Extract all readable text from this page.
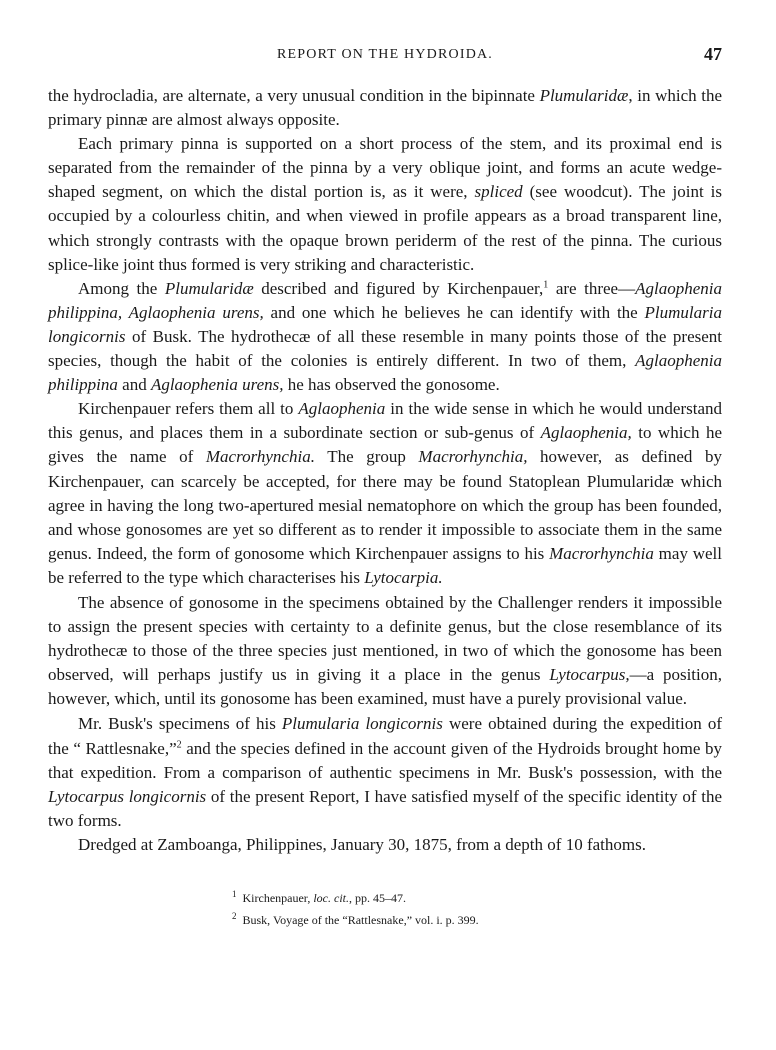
REPORT ON THE HYDROIDA.	47

the hydrocladia, are alternate, a very unusual condition in the bipinnate Plumularidæ, in which the primary pinnæ are almost always opposite.

Each primary pinna is supported on a short process of the stem, and its proximal end is separated from the remainder of the pinna by a very oblique joint, and forms an acute wedge-shaped segment, on which the distal portion is, as it were, spliced (see woodcut). The joint is occupied by a colourless chitin, and when viewed in profile appears as a broad transparent line, which strongly contrasts with the opaque brown periderm of the rest of the pinna. The curious splice-like joint thus formed is very striking and characteristic.

Among the Plumularidæ described and figured by Kirchenpauer,$^1$ are three—Aglaophenia philippina, Aglaophenia urens, and one which he believes he can identify with the Plumularia longicornis of Busk. The hydrothecæ of all these resemble in many points those of the present species, though the habit of the colonies is entirely different. In two of them, Aglaophenia philippina and Aglaophenia urens, he has observed the gonosome.

Kirchenpauer refers them all to Aglaophenia in the wide sense in which he would understand this genus, and places them in a subordinate section or sub-genus of Aglaophenia, to which he gives the name of Macrorhynchia. The group Macrorhynchia, however, as defined by Kirchenpauer, can scarcely be accepted, for there may be found Statoplean Plumularidæ which agree in having the long two-apertured mesial nematophore on which the group has been founded, and whose gonosomes are yet so different as to render it impossible to associate them in the same genus. Indeed, the form of gonosome which Kirchenpauer assigns to his Macrorhynchia may well be referred to the type which characterises his Lytocarpia.

The absence of gonosome in the specimens obtained by the Challenger renders it impossible to assign the present species with certainty to a definite genus, but the close resemblance of its hydrothecæ to those of the three species just mentioned, in two of which the gonosome has been observed, will perhaps justify us in giving it a place in the genus Lytocarpus,—a position, however, which, until its gonosome has been examined, must have a purely provisional value.

Mr. Busk's specimens of his Plumularia longicornis were obtained during the expedition of the “ Rattlesnake,”$^2$ and the species defined in the account given of the Hydroids brought home by that expedition. From a comparison of authentic specimens in Mr. Busk's possession, with the Lytocarpus longicornis of the present Report, I have satisfied myself of the specific identity of the two forms.

Dredged at Zamboanga, Philippines, January 30, 1875, from a depth of 10 fathoms.

$^1$ Kirchenpauer, loc. cit., pp. 45–47.
$^2$ Busk, Voyage of the “Rattlesnake,” vol. i. p. 399.
